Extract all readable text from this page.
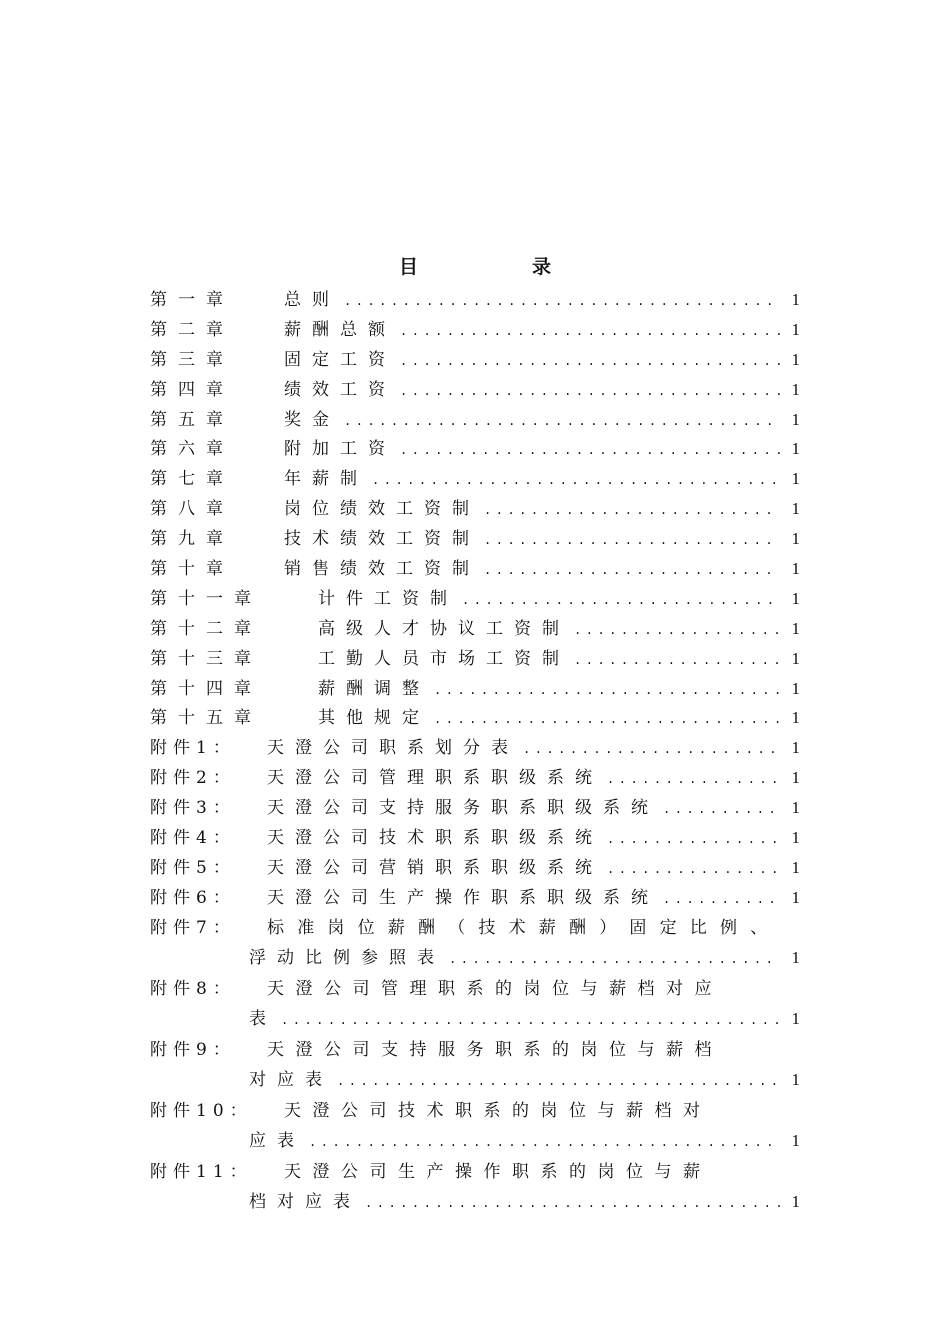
目　　　　　　录
第一章	总则 .....	1
第二章	薪酬总额 .....	1
第三章	固定工资 .....	1
第四章	绩效工资 .....	1
第五章	奖金 .....	1
第六章	附加工资 .....	1
第七章	年薪制 .....	1
第八章	岗位绩效工资制 .....	1
第九章	技术绩效工资制 .....	1
第十章	销售绩效工资制 .....	1
第十一章	计件工资制 .....	1
第十二章	高级人才协议工资制 .....	1
第十三章	工勤人员市场工资制 .....	1
第十四章	薪酬调整 .....	1
第十五章	其他规定 .....	1
附件1：	天澄公司职系划分表 .....	1
附件2：	天澄公司管理职系职级系统 .....	1
附件3：	天澄公司支持服务职系职级系统 .....	1
附件4：	天澄公司技术职系职级系统 .....	1
附件5：	天澄公司营销职系职级系统 .....	1
附件6：	天澄公司生产操作职系职级系统 .....	1
附件7：	标准岗位薪酬（技术薪酬）固定比例、
浮动比例参照表 .....	1
附件8：	天澄公司管理职系的岗位与薪档对应
表 .....	1
附件9：	天澄公司支持服务职系的岗位与薪档
对应表 .....	1
附件10：	天澄公司技术职系的岗位与薪档对
应表 .....	1
附件11：	天澄公司生产操作职系的岗位与薪
档对应表 .....	1
